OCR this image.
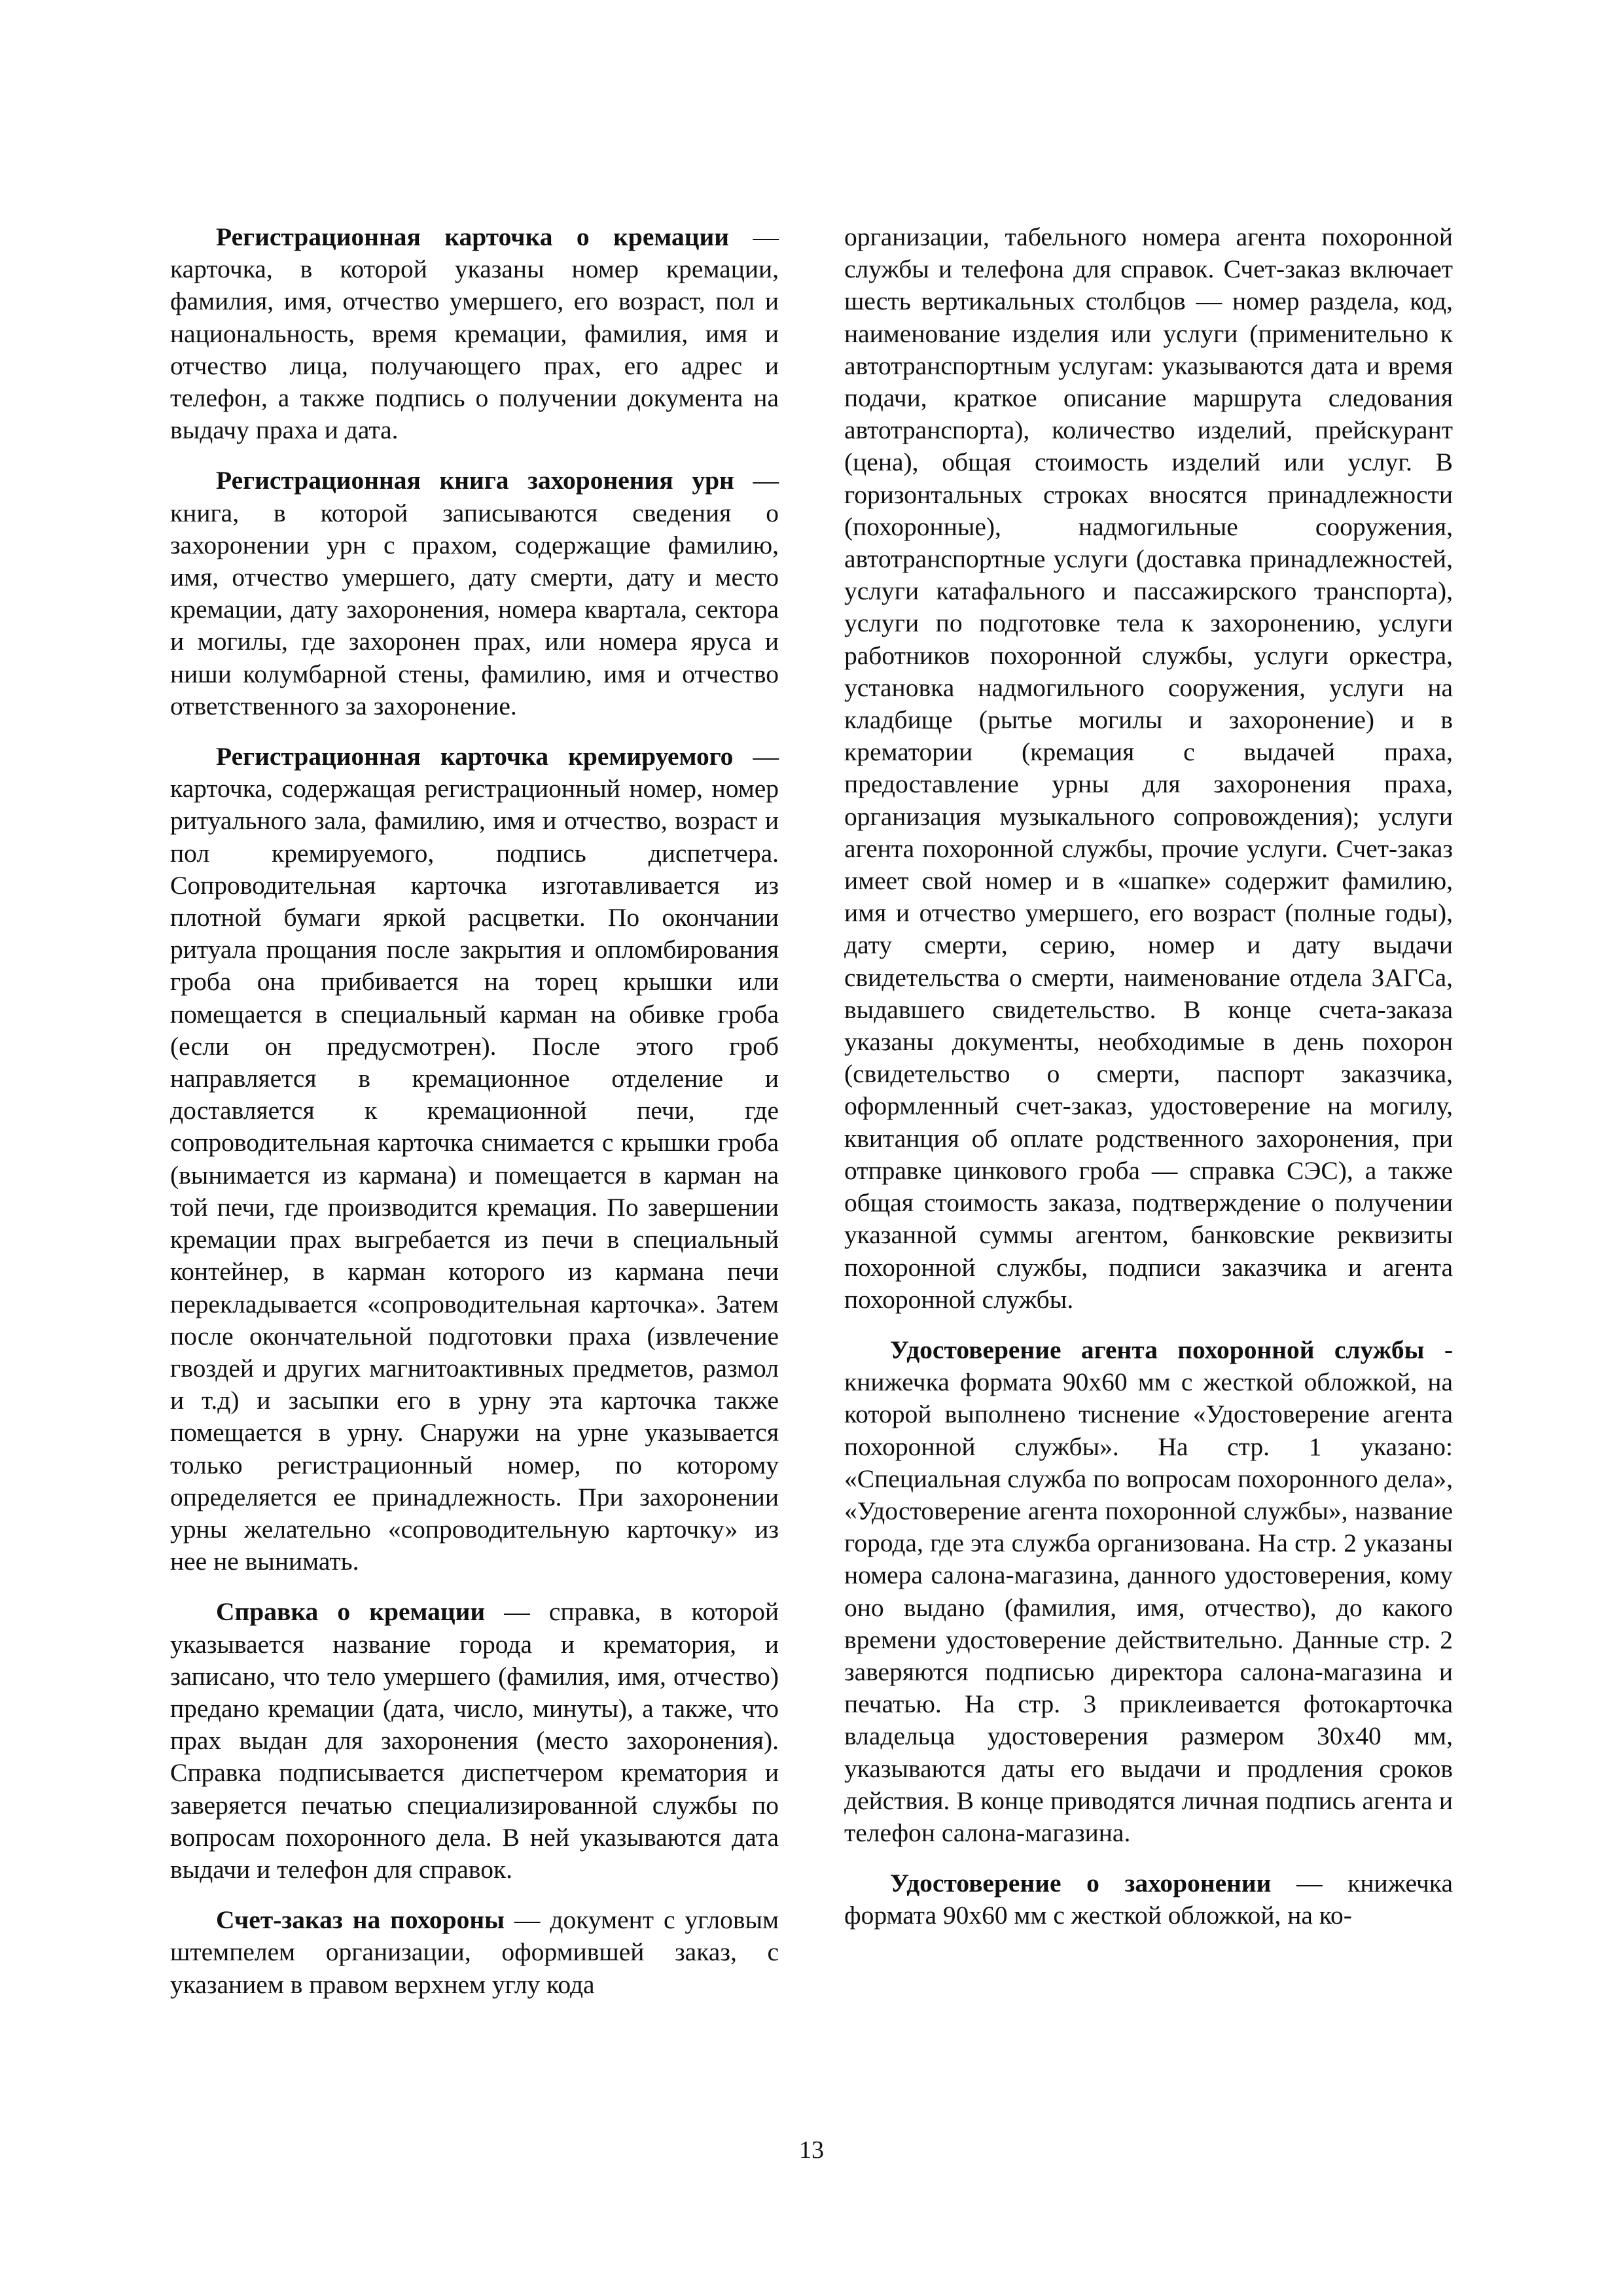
Регистрационная карточка о кремации — карточка, в которой указаны номер кремации, фамилия, имя, отчество умершего, его возраст, пол и национальность, время кремации, фамилия, имя и отчество лица, получающего прах, его адрес и телефон, а также подпись о получении документа на выдачу праха и дата.

Регистрационная книга захоронения урн — книга, в которой записываются сведения о захоронении урн с прахом, содержащие фамилию, имя, отчество умершего, дату смерти, дату и место кремации, дату захоронения, номера квартала, сектора и могилы, где захоронен прах, или номера яруса и ниши колумбарной стены, фамилию, имя и отчество ответственного за захоронение.

Регистрационная карточка кремируемого — карточка, содержащая регистрационный номер, номер ритуального зала, фамилию, имя и отчество, возраст и пол кремируемого, подпись диспетчера. Сопроводительная карточка изготавливается из плотной бумаги яркой расцветки. По окончании ритуала прощания после закрытия и опломбирования гроба она прибивается на торец крышки или помещается в специальный карман на обивке гроба (если он предусмотрен). После этого гроб направляется в кремационное отделение и доставляется к кремационной печи, где сопроводительная карточка снимается с крышки гроба (вынимается из кармана) и помещается в карман на той печи, где производится кремация. По завершении кремации прах выгребается из печи в специальный контейнер, в карман которого из кармана печи перекладывается «сопроводительная карточка». Затем после окончательной подготовки праха (извлечение гвоздей и других магнитоактивных предметов, размол и т.д) и засыпки его в урну эта карточка также помещается в урну. Снаружи на урне указывается только регистрационный номер, по которому определяется ее принадлежность. При захоронении урны желательно «сопроводительную карточку» из нее не вынимать.

Справка о кремации — справка, в которой указывается название города и крематория, и записано, что тело умершего (фамилия, имя, отчество) предано кремации (дата, число, минуты), а также, что прах выдан для захоронения (место захоронения). Справка подписывается диспетчером крематория и заверяется печатью специализированной службы по вопросам похоронного дела. В ней указываются дата выдачи и телефон для справок.

Счет-заказ на похороны — документ с угловым штемпелем организации, оформившей заказ, с указанием в правом верхнем углу кода

организации, табельного номера агента похоронной службы и телефона для справок. Счет-заказ включает шесть вертикальных столбцов — номер раздела, код, наименование изделия или услуги (применительно к автотранспортным услугам: указываются дата и время подачи, краткое описание маршрута следования автотранспорта), количество изделий, прейскурант (цена), общая стоимость изделий или услуг. В горизонтальных строках вносятся принадлежности (похоронные), надмогильные сооружения, автотранспортные услуги (доставка принадлежностей, услуги катафального и пассажирского транспорта), услуги по подготовке тела к захоронению, услуги работников похоронной службы, услуги оркестра, установка надмогильного сооружения, услуги на кладбище (рытье могилы и захоронение) и в крематории (кремация с выдачей праха, предоставление урны для захоронения праха, организация музыкального сопровождения); услуги агента похоронной службы, прочие услуги. Счет-заказ имеет свой номер и в «шапке» содержит фамилию, имя и отчество умершего, его возраст (полные годы), дату смерти, серию, номер и дату выдачи свидетельства о смерти, наименование отдела ЗАГСа, выдавшего свидетельство. В конце счета-заказа указаны документы, необходимые в день похорон (свидетельство о смерти, паспорт заказчика, оформленный счет-заказ, удостоверение на могилу, квитанция об оплате родственного захоронения, при отправке цинкового гроба — справка СЭС), а также общая стоимость заказа, подтверждение о получении указанной суммы агентом, банковские реквизиты похоронной службы, подписи заказчика и агента похоронной службы.

Удостоверение агента похоронной службы - книжечка формата 90х60 мм с жесткой обложкой, на которой выполнено тиснение «Удостоверение агента похоронной службы». На стр. 1 указано: «Специальная служба по вопросам похоронного дела», «Удостоверение агента похоронной службы», название города, где эта служба организована. На стр. 2 указаны номера салона-магазина, данного удостоверения, кому оно выдано (фамилия, имя, отчество), до какого времени удостоверение действительно. Данные стр. 2 заверяются подписью директора салона-магазина и печатью. На стр. 3 приклеивается фотокарточка владельца удостоверения размером 30х40 мм, указываются даты его выдачи и продления сроков действия. В конце приводятся личная подпись агента и телефон салона-магазина.

Удостоверение о захоронении — книжечка формата 90х60 мм с жесткой обложкой, на ко-

13
